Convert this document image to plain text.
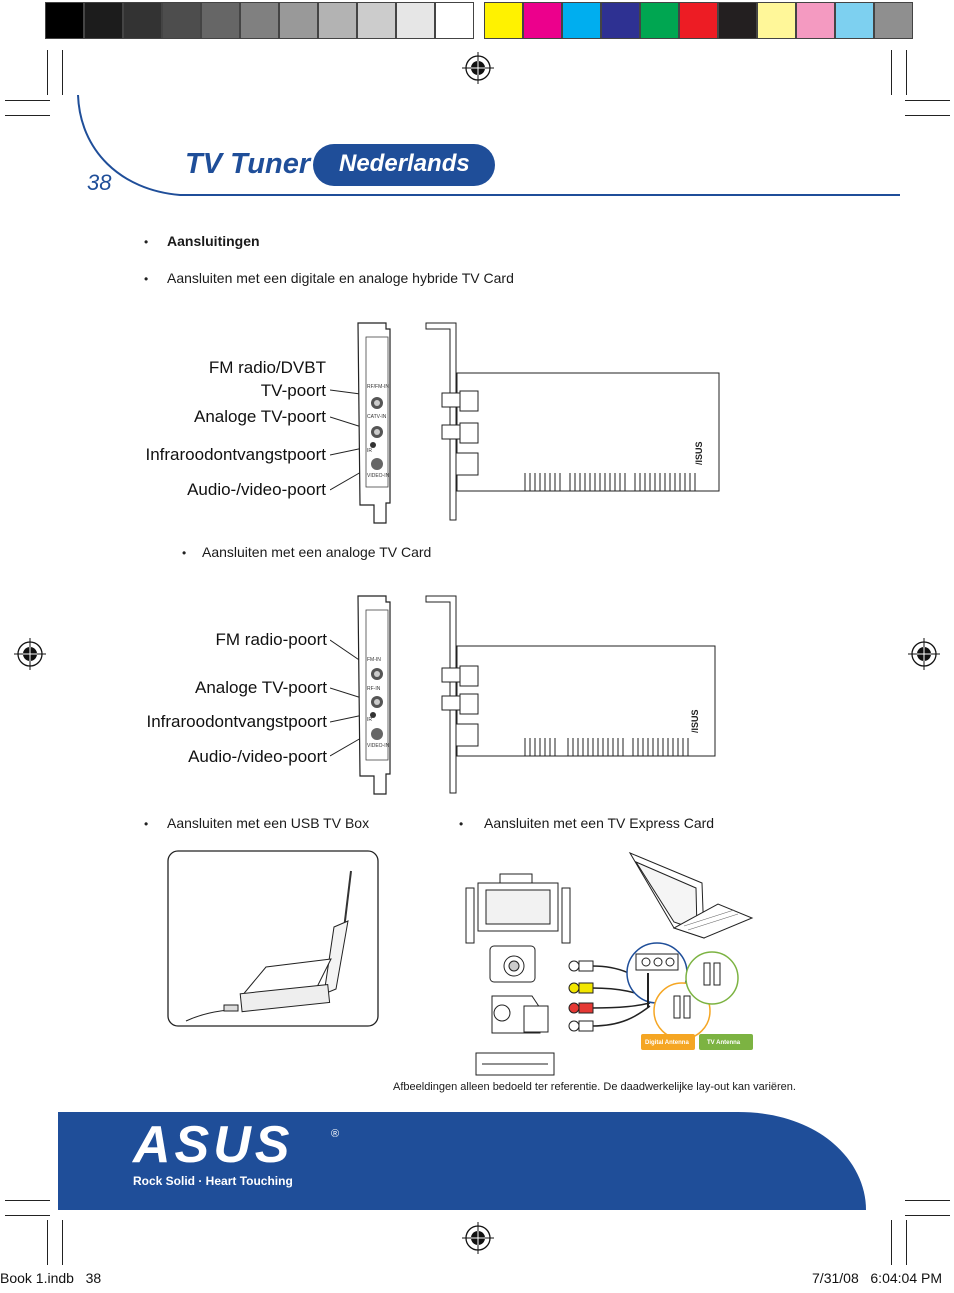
38
TV Tuner Nederlands
• Aansluitingen
• Aansluiten met een digitale en analoge hybride TV Card
FM radio/DVBT
TV-poort
Analoge TV-poort
Infraroodontvangstpoort
Audio-/video-poort
/ISUS
RF/FM-IN
CATV-IN
IR
VIDEO-IN
• Aansluiten met een analoge TV Card
FM radio-poort
Analoge TV-poort
Infraroodontvangstpoort
Audio-/video-poort
/ISUS
FM-IN
RF-IN
IR
VIDEO-IN
• Aansluiten met een USB TV Box	• Aansluiten met een TV Express Card
Digital Antenna	TV Antenna
Afbeeldingen alleen bedoeld ter referentie. De daadwerkelijke lay-out kan variëren.
ASUS	®
Rock Solid · Heart Touching
Book 1.indb   38	7/31/08   6:04:04 PM
